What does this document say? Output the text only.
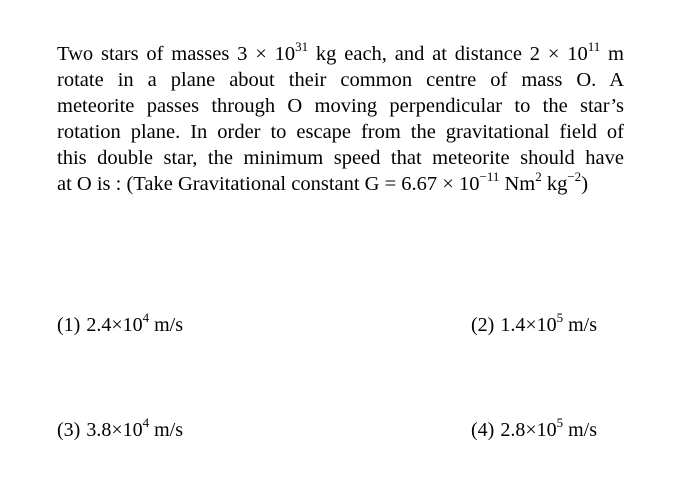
Two stars of masses $3 \times 10^{31}$ kg each, and at distance $2 \times 10^{11}$ m
rotate in a plane about their common centre of mass O. A
meteorite passes through O moving perpendicular to the star’s
rotation plane. In order to escape from the gravitational field of
this double star, the minimum speed that meteorite should have
at O is : (Take Gravitational constant $G = 6.67 \times 10^{-11}$ Nm$^2$ $kg^{-2}$)
(1) $2.4\times 10^4$ m/s	(2) $1.4\times 10^5$ m/s
(3) $3.8\times 10^4$ m/s	(4) $2.8\times 10^5$ m/s
